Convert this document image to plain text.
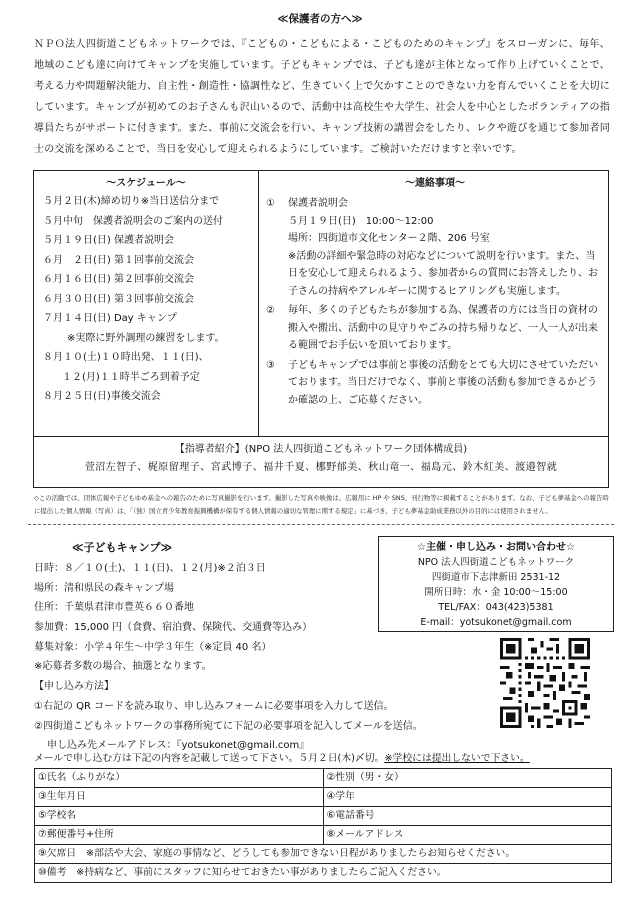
≪保護者の方へ≫
ＮＰＯ法人四街道こどもネットワークでは、『こどもの・こどもによる・こどものためのキャンプ』をスローガンに、毎年、地域のこども達に向けてキャンプを実施しています。子どもキャンプでは、子ども達が主体となって作り上げていくことで、考える力や問題解決能力、自主性・創造性・協調性など、生きていく上で欠かすことのできない力を育んでいくことを大切にしています。キャンプが初めてのお子さんも沢山いるので、活動中は高校生や大学生、社会人を中心としたボランティアの指導員たちがサポートに付きます。また、事前に交流会を行い、キャンプ技術の講習会をしたり、レクや遊びを通じて参加者同士の交流を深めることで、当日を安心して迎えられるようにしています。ご検討いただけますと幸いです。
～スケジュール～
５月２日(木)締め切り※当日送信分まで
５月中旬　保護者説明会のご案内の送付
５月１９日(日) 保護者説明会
６月　２日(日) 第１回事前交流会
６月１６日(日) 第２回事前交流会
６月３０日(日) 第３回事前交流会
７月１４日(日) Day キャンプ
※実際に野外調理の練習をします。
８月１０(土)１０時出発、１１(日)、
１２(月)１１時半ごろ到着予定
８月２５日(日)事後交流会
～連絡事項～
① 保護者説明会
５月１９日(日)　10:00～12:00
場所：四街道市文化センター２階、206 号室
※活動の詳細や緊急時の対応などについて説明を行います。また、当日を安心して迎えられるよう、参加者からの質問にお答えしたり、お子さんの持病やアレルギーに関するヒアリングも実施します。
② 毎年、多くの子どもたちが参加する為、保護者の方には当日の資材の搬入や搬出、活動中の見守りやごみの持ち帰りなど、一人一人が出来る範囲でお手伝いを頂いております。
③ 子どもキャンプでは事前と事後の活動をとても大切にさせていただいております。当日だけでなく、事前と事後の活動も参加できるかどうか確認の上、ご応募ください。
【指導者紹介】(NPO 法人四街道こどもネットワーク団体構成員)
萱沼左智子、梶原留理子、宮武博子、福井千夏、梛野郁美、秋山竜一、福島元、鈴木紅美、渡邉智就
◇この活動では、団体広報や子どもゆめ基金への報告のために写真撮影を行います。撮影した写真や映像は、広報用に HP や SNS、刊行物等に掲載することがあります。なお、子ども夢基金への報告時に提出した個人情報（写真）は、「（独）国立青少年教育振興機構が保有する個人情報の適切な管理に関する規定」に基づき、子ども夢基金助成業務以外の目的には使用されません。
≪子どもキャンプ≫
日時：８／１０(土)、１１(日)、１２(月)※２泊３日
場所：清和県民の森キャンプ場
住所：千葉県君津市豊英６６０番地
参加費：15,000 円（食費、宿泊費、保険代、交通費等込み）
募集対象：小学４年生～中学３年生（※定員 40 名）
※応募者多数の場合、抽選となります。
【申し込み方法】
①右記の QR コードを読み取り、申し込みフォームに必要事項を入力して送信。
②四街道こどもネットワークの事務所宛てに下記の必要事項を記入してメールを送信。
申し込み先メールアドレス：『yotsukonet@gmail.com』
☆主催・申し込み・お問い合わせ☆
NPO 法人四街道こどもネットワーク
四街道市下志津新田 2531-12
開所日時：水・金 10:00～15:00
TEL/FAX：043(423)5381
E-mail：yotsukonet@gmail.com
メールで申し込む方は下記の内容を記載して送って下さい。５月２日(木)〆切。※学校には提出しないで下さい。
①氏名（ふりがな）	②性別（男・女）
③生年月日	④学年
⑤学校名	⑥電話番号
⑦郵便番号+住所	⑧メールアドレス
⑨欠席日　※部活や大会、家庭の事情など、どうしても参加できない日程がありましたらお知らせください。	
⑩備考　※持病など、事前にスタッフに知らせておきたい事がありましたらご記入ください。	
